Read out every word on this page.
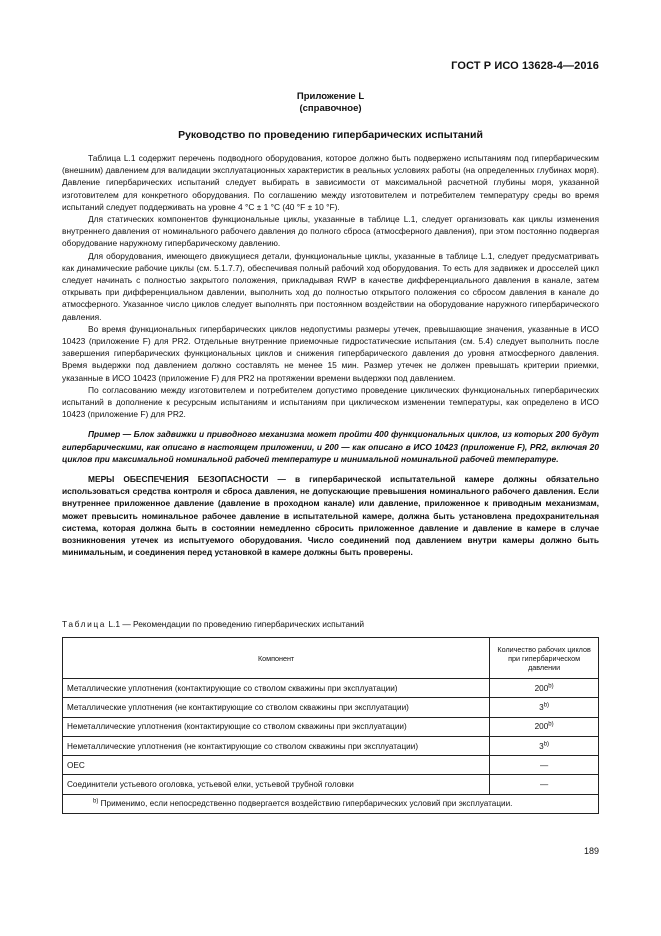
ГОСТ Р ИСО 13628-4—2016
Приложение L
(справочное)
Руководство по проведению гипербарических испытаний

Таблица L.1 содержит перечень подводного оборудования, которое должно быть подвержено испытаниям под гипербарическим (внешним) давлением для валидации эксплуатационных характеристик в реальных условиях работы (на определенных глубинах моря). Давление гипербарических испытаний следует выбирать в зависимости от максимальной расчетной глубины моря, указанной изготовителем для конкретного оборудования. По соглашению между изготовителем и потребителем температуру среды во время испытаний следует поддерживать на уровне 4 °С ± 1 °С (40 °F ± 10 °F).

Для статических компонентов функциональные циклы, указанные в таблице L.1, следует организовать как циклы изменения внутреннего давления от номинального рабочего давления до полного сброса (атмосферного давления), при этом постоянно подвергая оборудование наружному гипербарическому давлению.

Для оборудования, имеющего движущиеся детали, функциональные циклы, указанные в таблице L.1, следует предусматривать как динамические рабочие циклы (см. 5.1.7.7), обеспечивая полный рабочий ход оборудования. То есть для задвижек и дросселей цикл следует начинать с полностью закрытого положения, прикладывая RWP в качестве дифференциального давления в канале, затем открывать при дифференциальном давлении, выполнить ход до полностью открытого положения со сбросом давления в канале до атмосферного. Указанное число циклов следует выполнять при постоянном воздействии на оборудование наружного гипербарического давления.

Во время функциональных гипербарических циклов недопустимы размеры утечек, превышающие значения, указанные в ИСО 10423 (приложение F) для PR2. Отдельные внутренние приемочные гидростатические испытания (см. 5.4) следует выполнить после завершения гипербарических функциональных циклов и снижения гипербарического давления до уровня атмосферного давления. Время выдержки под давлением должно составлять не менее 15 мин. Размер утечек не должен превышать критерии приемки, указанные в ИСО 10423 (приложение F) для PR2 на протяжении времени выдержки под давлением.

По согласованию между изготовителем и потребителем допустимо проведение циклических функциональных гипербарических испытаний в дополнение к ресурсным испытаниям и испытаниям при циклическом изменении температуры, как определено в ИСО 10423 (приложение F) для PR2.

Пример — Блок задвижки и приводного механизма может пройти 400 функциональных циклов, из которых 200 будут гипербарическими, как описано в настоящем приложении, и 200 — как описано в ИСО 10423 (приложение F), PR2, включая 20 циклов при максимальной номинальной рабочей температуре и минимальной номинальной рабочей температуре.

МЕРЫ ОБЕСПЕЧЕНИЯ БЕЗОПАСНОСТИ — в гипербарической испытательной камере должны обязательно использоваться средства контроля и сброса давления, не допускающие превышения номинального рабочего давления. Если внутреннее приложенное давление (давление в проходном канале) или давление, приложенное к приводным механизмам, может превысить номинальное рабочее давление в испытательной камере, должна быть установлена предохранительная система, которая должна быть в состоянии немедленно сбросить приложенное давление и давление в камере в случае возникновения утечек из испытуемого оборудования. Число соединений под давлением внутри камеры должно быть минимальным, и соединения перед установкой в камере должны быть проверены.

Таблица L.1 — Рекомендации по проведению гипербарических испытаний
Компонент	Количество рабочих циклов при гипербарическом давлении
Металлические уплотнения (контактирующие со стволом скважины при эксплуатации)	200$^{b)}$
Металлические уплотнения (не контактирующие со стволом скважины при эксплуатации)	3$^{b)}$
Неметаллические уплотнения (контактирующие со стволом скважины при эксплуатации)	200$^{b)}$
Неметаллические уплотнения (не контактирующие со стволом скважины при эксплуатации)	3$^{b)}$
OEC	—
Соединители устьевого оголовка, устьевой елки, устьевой трубной головки	—
$^{b)}$ Применимо, если непосредственно подвергается воздействию гипербарических условий при эксплуатации.	
189
